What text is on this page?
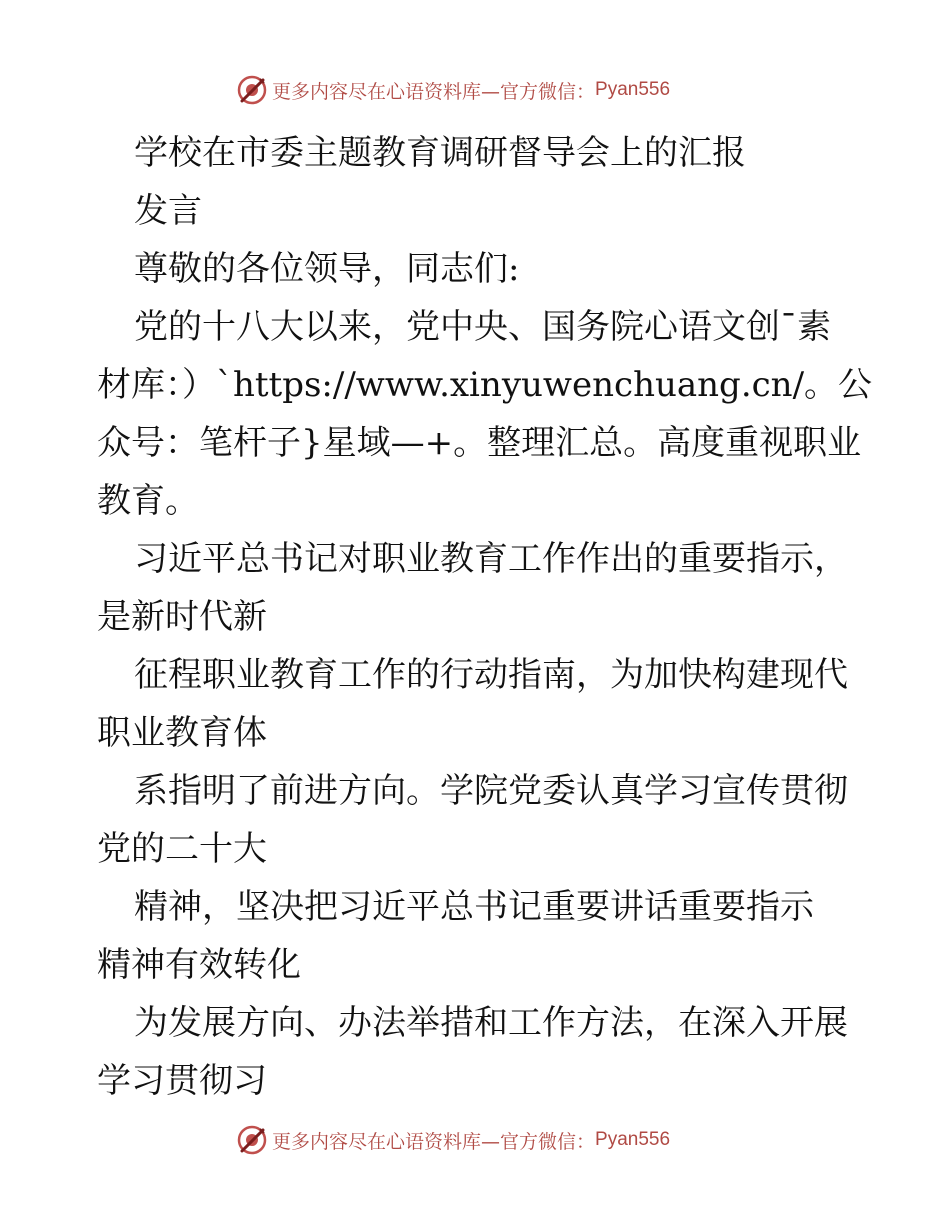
更多内容尽在心语资料库—官方微信： Pyan556
学校在市委主题教育调研督导会上的汇报
发言
尊敬的各位领导，同志们:
党的十八大以来，党中央、国务院心语文创¯素
材库：）`https://www.xinyuwenchuang.cn/。公
众号：笔杆子}星域—+。整理汇总。高度重视职业
教育。
习近平总书记对职业教育工作作出的重要指示，
是新时代新
征程职业教育工作的行动指南，为加快构建现代
职业教育体
系指明了前进方向。学院党委认真学习宣传贯彻
党的二十大
精神，坚决把习近平总书记重要讲话重要指示
精神有效转化
为发展方向、办法举措和工作方法，在深入开展
学习贯彻习
更多内容尽在心语资料库—官方微信： Pyan556
